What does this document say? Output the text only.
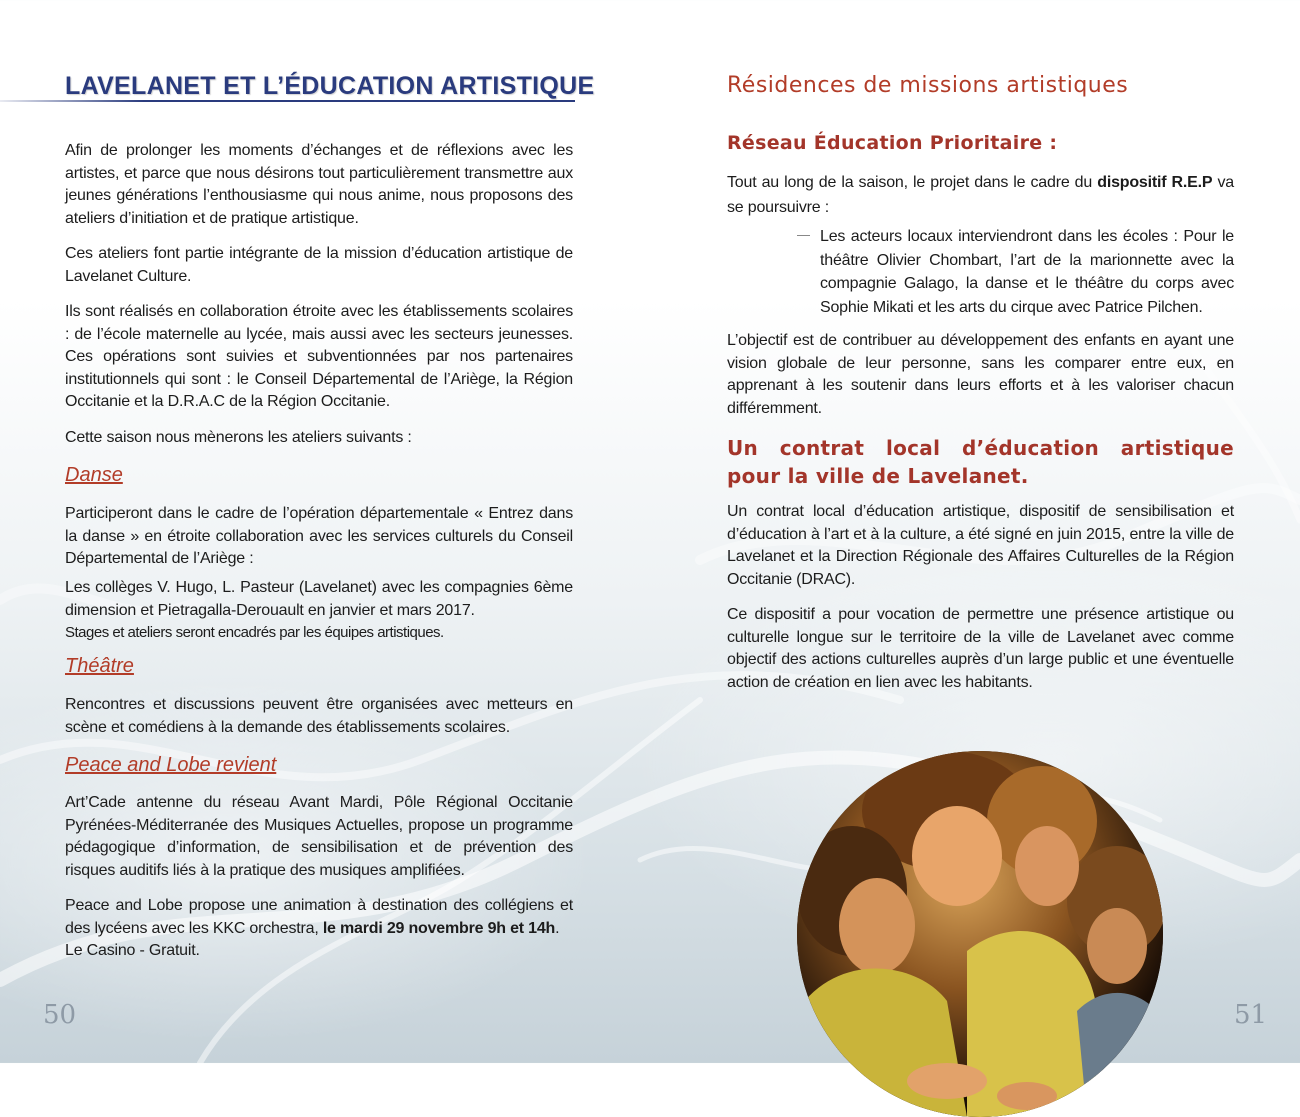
LAVELANET ET L’ÉDUCATION ARTISTIQUE

Afin de prolonger les moments d’échanges et de réflexions avec les artistes, et parce que nous désirons tout particulièrement transmettre aux jeunes générations l’enthousiasme qui nous anime, nous proposons des ateliers d’initiation et de pratique artistique.

Ces ateliers font partie intégrante de la mission d’éducation artistique de Lavelanet Culture.

Ils sont réalisés en collaboration étroite avec les établissements scolaires : de l’école maternelle au lycée, mais aussi avec les secteurs jeunesses. Ces opérations sont suivies et subventionnées par nos partenaires institutionnels qui sont : le Conseil Départemental de l’Ariège, la Région Occitanie et la D.R.A.C de la Région Occitanie.

Cette saison nous mènerons les ateliers suivants :

Danse

Participeront dans le cadre de l’opération départementale « Entrez dans la danse » en étroite collaboration avec les services culturels du Conseil Départemental de l’Ariège :

Les collèges V. Hugo, L. Pasteur (Lavelanet) avec les compagnies 6ème dimension et Pietragalla-Derouault en janvier et mars 2017.

Stages et ateliers seront encadrés par les équipes artistiques.

Théâtre

Rencontres et discussions peuvent être organisées avec metteurs en scène et comédiens à la demande des établissements scolaires.

Peace and Lobe revient

Art’Cade antenne du réseau Avant Mardi, Pôle Régional Occitanie Pyrénées-Méditerranée des Musiques Actuelles, propose un programme pédagogique d’information, de sensibilisation et de prévention des risques auditifs liés à la pratique des musiques amplifiées.

Peace and Lobe propose une animation à destination des collégiens et des lycéens avec les KKC orchestra, le mardi 29 novembre 9h et 14h.
Le Casino - Gratuit.

50
Résidences de missions artistiques
Réseau Éducation Prioritaire :

Tout au long de la saison, le projet dans le cadre du dispositif R.E.P va se poursuivre :

Les acteurs locaux interviendront dans les écoles : Pour le théâtre Olivier Chombart, l’art de la marionnette avec la compagnie Galago, la danse et le théâtre du corps avec Sophie Mikati et les arts du cirque avec Patrice Pilchen.

L’objectif est de contribuer au développement des enfants en ayant une vision globale de leur personne, sans les comparer entre eux, en apprenant à les soutenir dans leurs efforts et à les valoriser chacun différemment.

Un contrat local d’éducation artistique pour la ville de Lavelanet.

Un contrat local d’éducation artistique, dispositif de sensibilisation et d’éducation à l’art et à la culture, a été signé en juin 2015, entre la ville de Lavelanet et la Direction Régionale des Affaires Culturelles de la Région Occitanie (DRAC).

Ce dispositif a pour vocation de permettre une présence artistique ou culturelle longue sur le territoire de la ville de Lavelanet avec comme objectif des actions culturelles auprès d’un large public et une éventuelle action de création en lien avec les habitants.

51
